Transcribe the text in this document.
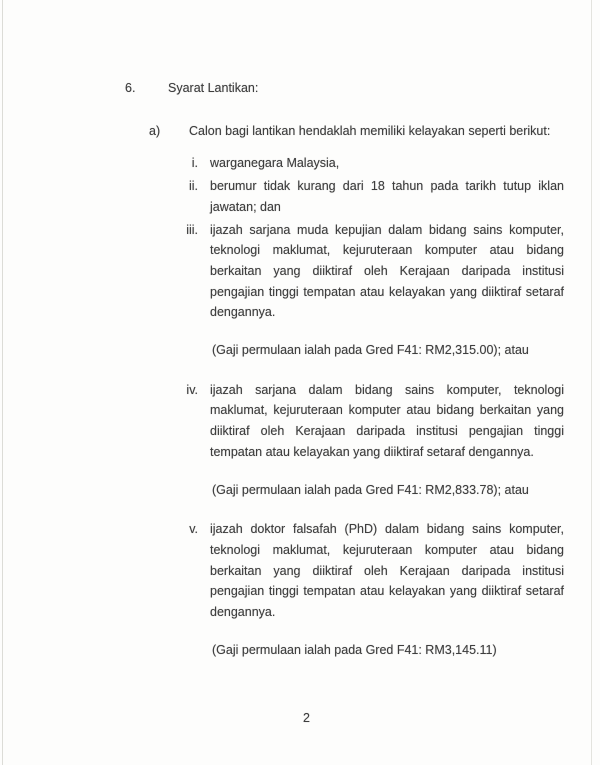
6.	Syarat Lantikan:
a)	Calon bagi lantikan hendaklah memiliki kelayakan seperti berikut:
i. warganegara Malaysia,
ii. berumur tidak kurang dari 18 tahun pada tarikh tutup iklan jawatan; dan
iii. ijazah sarjana muda kepujian dalam bidang sains komputer, teknologi maklumat, kejuruteraan komputer atau bidang berkaitan yang diiktiraf oleh Kerajaan daripada institusi pengajian tinggi tempatan atau kelayakan yang diiktiraf setaraf dengannya.
(Gaji permulaan ialah pada Gred F41: RM2,315.00); atau
iv. ijazah sarjana dalam bidang sains komputer, teknologi maklumat, kejuruteraan komputer atau bidang berkaitan yang diiktiraf oleh Kerajaan daripada institusi pengajian tinggi tempatan atau kelayakan yang diiktiraf setaraf dengannya.
(Gaji permulaan ialah pada Gred F41: RM2,833.78); atau
v. ijazah doktor falsafah (PhD) dalam bidang sains komputer, teknologi maklumat, kejuruteraan komputer atau bidang berkaitan yang diiktiraf oleh Kerajaan daripada institusi pengajian tinggi tempatan atau kelayakan yang diiktiraf setaraf dengannya.
(Gaji permulaan ialah pada Gred F41: RM3,145.11)
2
